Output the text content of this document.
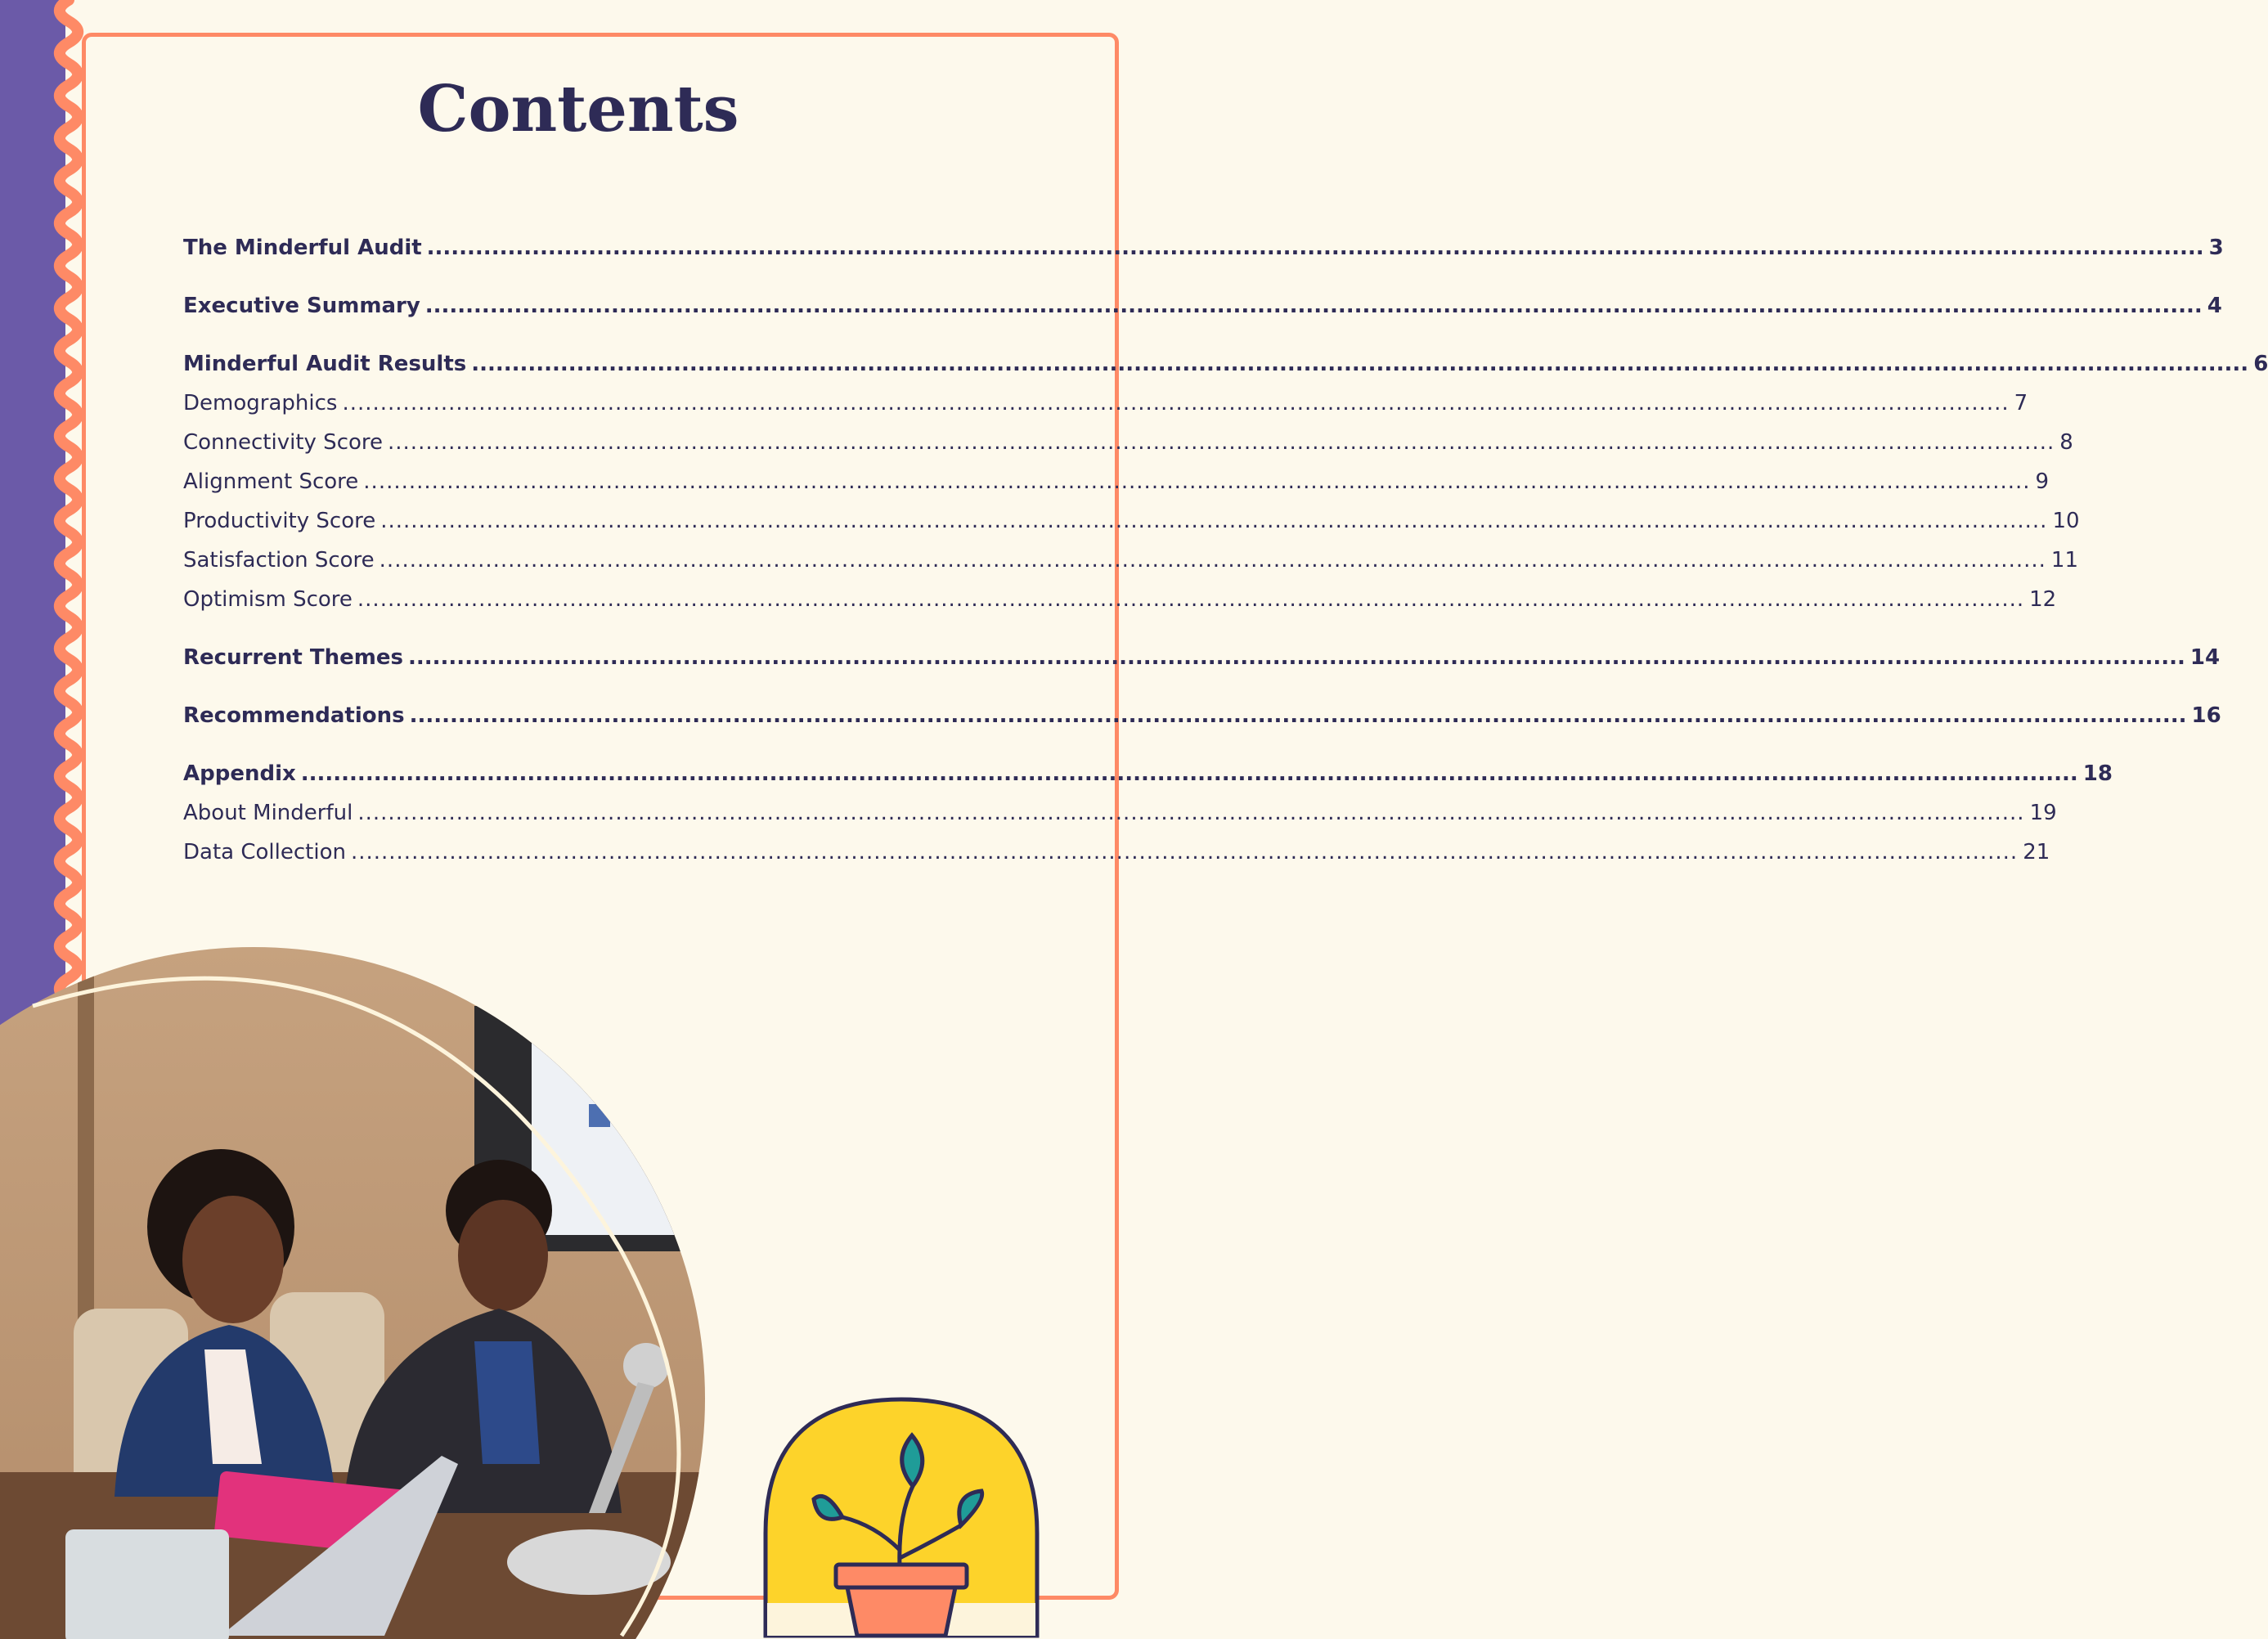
Contents
The Minderful Audit ............................................................................................................................................................................................................................ 3
Executive Summary ............................................................................................................................................................................................................................ 4
Minderful Audit Results ............................................................................................................................................................................................................................ 6
Demographics ............................................................................................................................................................................................................................ 7
Connectivity Score ............................................................................................................................................................................................................................ 8
Alignment Score ............................................................................................................................................................................................................................ 9
Productivity Score ............................................................................................................................................................................................................................ 10
Satisfaction Score ............................................................................................................................................................................................................................ 11
Optimism Score ............................................................................................................................................................................................................................ 12
Recurrent Themes ............................................................................................................................................................................................................................ 14
Recommendations ............................................................................................................................................................................................................................ 16
Appendix ............................................................................................................................................................................................................................ 18
About Minderful ............................................................................................................................................................................................................................ 19
Data Collection ............................................................................................................................................................................................................................ 21
